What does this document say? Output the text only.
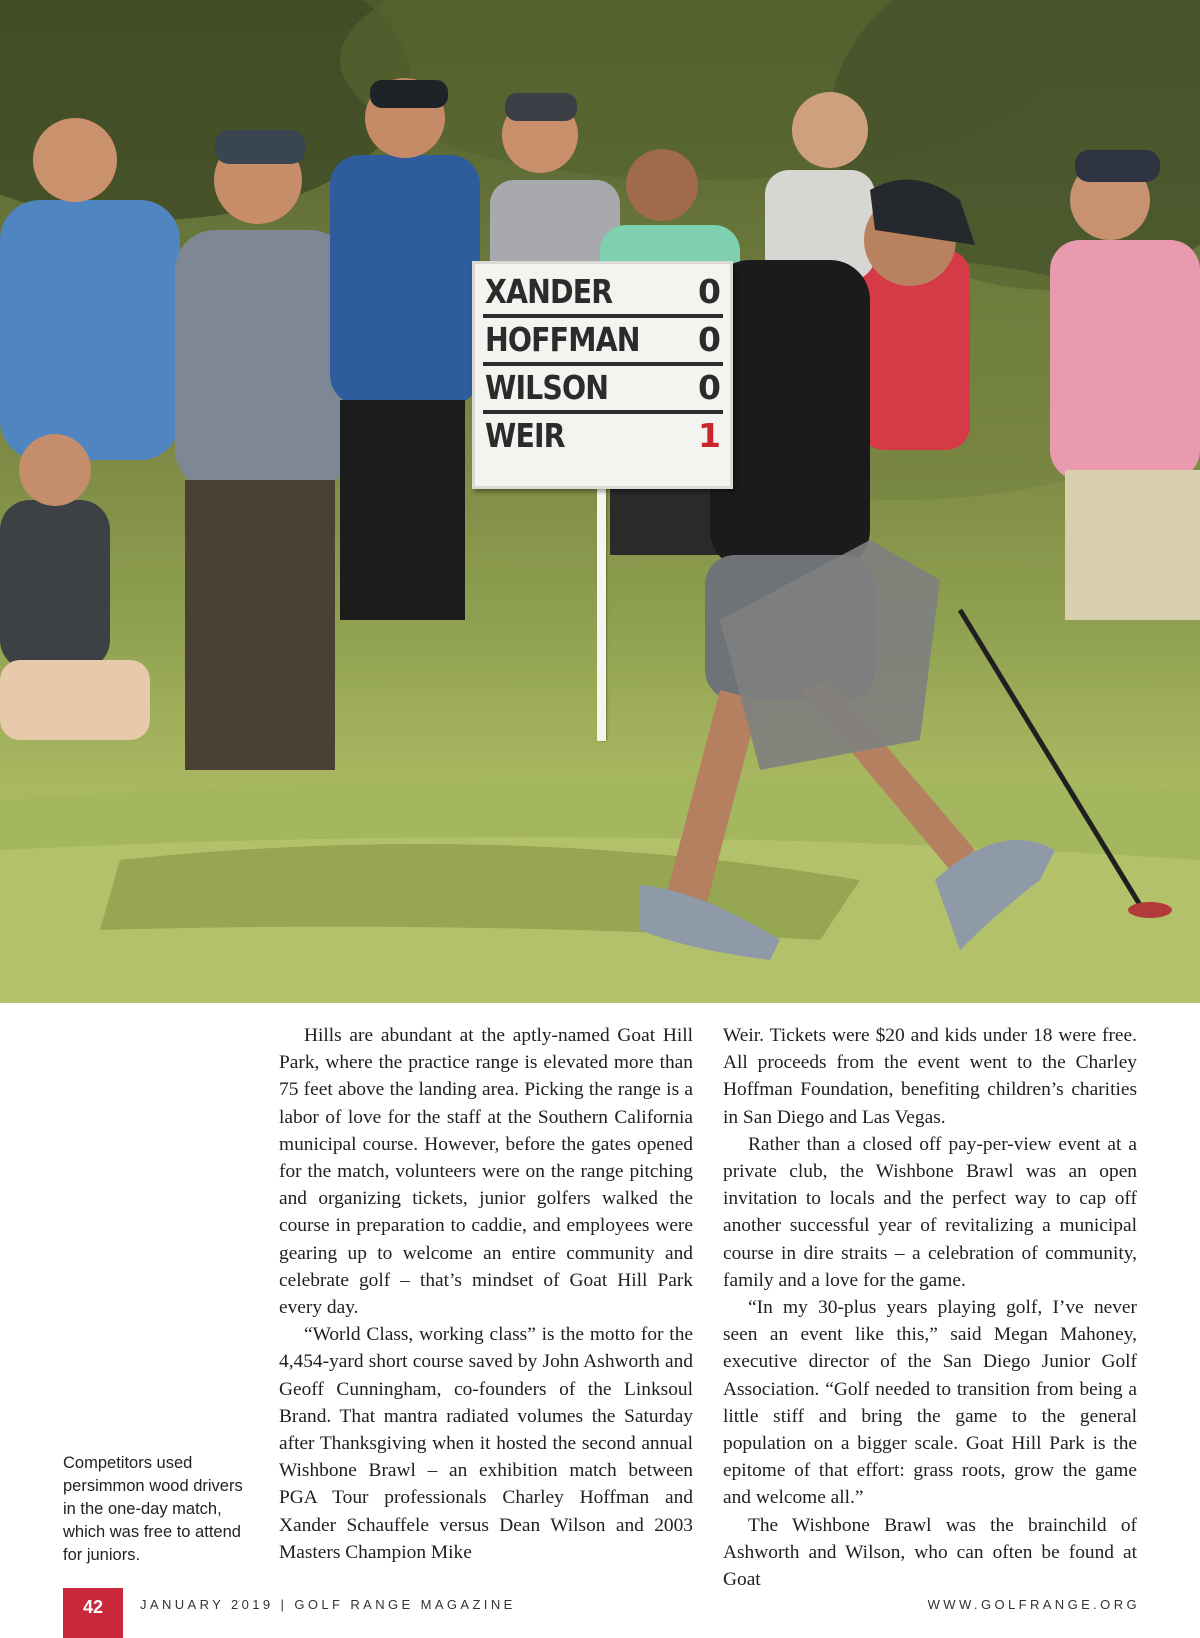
XANDER	0
HOFFMAN 0
WILSON	0
WEIR	1
Competitors used persimmon wood drivers in the one-day match, which was free to attend for juniors.

Hills are abundant at the aptly-named Goat Hill Park, where the practice range is elevated more than 75 feet above the landing area. Picking the range is a labor of love for the staff at the Southern California municipal course. However, before the gates opened for the match, volunteers were on the range pitching and organizing tickets, junior golfers walked the course in preparation to caddie, and employees were gearing up to welcome an entire community and celebrate golf – that’s mindset of Goat Hill Park every day.

“World Class, working class” is the motto for the 4,454-yard short course saved by John Ashworth and Geoff Cunningham, co-founders of the Linksoul Brand. That mantra radiated volumes the Saturday after Thanksgiving when it hosted the second annual Wishbone Brawl – an exhibition match between PGA Tour professionals Charley Hoffman and Xander Schauffele versus Dean Wilson and 2003 Masters Champion Mike

Weir. Tickets were $20 and kids under 18 were free. All proceeds from the event went to the Charley Hoffman Foundation, benefiting children’s charities in San Diego and Las Vegas.

Rather than a closed off pay-per-view event at a private club, the Wishbone Brawl was an open invitation to locals and the perfect way to cap off another successful year of revitalizing a municipal course in dire straits – a celebration of community, family and a love for the game.

“In my 30-plus years playing golf, I’ve never seen an event like this,” said Megan Mahoney, executive director of the San Diego Junior Golf Association. “Golf needed to transition from being a little stiff and bring the game to the general population on a bigger scale. Goat Hill Park is the epitome of that effort: grass roots, grow the game and welcome all.”

The Wishbone Brawl was the brainchild of Ashworth and Wilson, who can often be found at Goat

42	JANUARY 2019 | GOLF RANGE MAGAZINE	WWW.GOLFRANGE.ORG
